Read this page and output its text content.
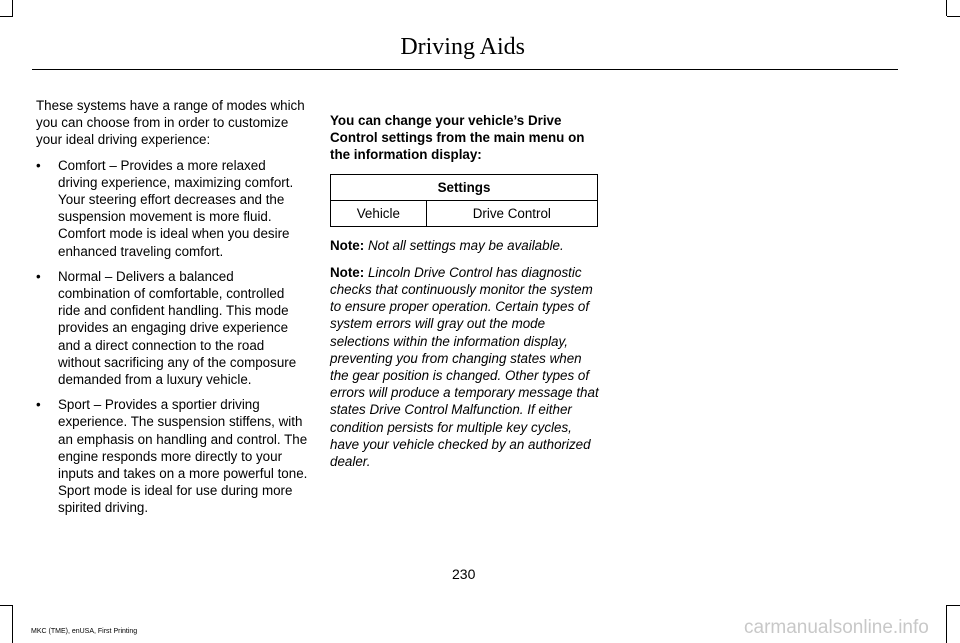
Driving Aids

These systems have a range of modes which you can choose from in order to customize your ideal driving experience:

• Comfort – Provides a more relaxed driving experience, maximizing comfort. Your steering effort decreases and the suspension movement is more fluid. Comfort mode is ideal when you desire enhanced traveling comfort.
• Normal – Delivers a balanced combination of comfortable, controlled ride and confident handling. This mode provides an engaging drive experience and a direct connection to the road without sacrificing any of the composure demanded from a luxury vehicle.
• Sport – Provides a sportier driving experience. The suspension stiffens, with an emphasis on handling and control. The engine responds more directly to your inputs and takes on a more powerful tone. Sport mode is ideal for use during more spirited driving.

You can change your vehicle’s Drive Control settings from the main menu on the information display:

Settings
Vehicle	Drive Control

Note: Not all settings may be available.

Note: Lincoln Drive Control has diagnostic checks that continuously monitor the system to ensure proper operation. Certain types of system errors will gray out the mode selections within the information display, preventing you from changing states when the gear position is changed. Other types of errors will produce a temporary message that states Drive Control Malfunction. If either condition persists for multiple key cycles, have your vehicle checked by an authorized dealer.

230
MKC (TME), enUSA, First Printing	carmanualsonline.info
